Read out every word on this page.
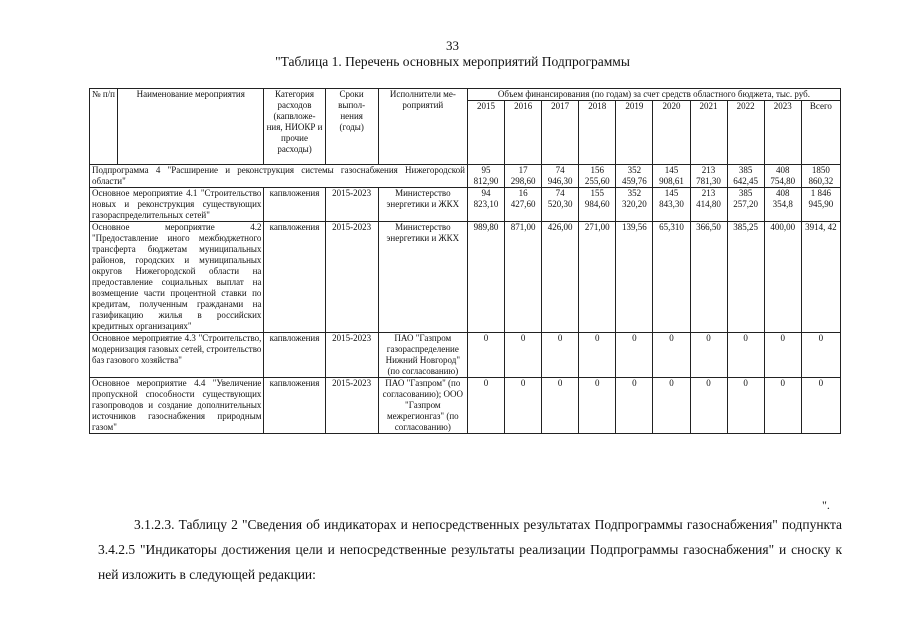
33
"Таблица 1. Перечень основных мероприятий Подпрограммы
№ п/п	Наименование мероприятия	Категория расходов (капвложе-ния, НИОКР и прочие расходы)	Сроки выпол-нения (годы)	Исполнители ме-роприятий	Объем финансирования (по годам) за счет средств областного бюджета, тыс. руб.									
					2015	2016	2017	2018	2019	2020	2021	2022	2023	Всего
Подпрограмма 4 "Расширение и реконструкция системы газоснабжения Нижегородской области"					95 812,90	17 298,60	74 946,30	156 255,60	352 459,76	145 908,61	213 781,30	385 642,45	408 754,80	1850 860,32
Основное мероприятие 4.1 "Строительство новых и реконструкция существующих газораспределительных сетей"		капвложения	2015-2023	Министерство энергетики и ЖКХ	94 823,10	16 427,60	74 520,30	155 984,60	352 320,20	145 843,30	213 414,80	385 257,20	408 354,8	1 846 945,90
Основное мероприятие 4.2 "Предоставление иного межбюджетного трансферта бюджетам муниципальных районов, городских и муниципальных округов Нижегородской области на предоставление социальных выплат на возмещение части процентной ставки по кредитам, полученным гражданами на газификацию жилья в российских кредитных организациях"		капвложения	2015-2023	Министерство энергетики и ЖКХ	989,80	871,00	426,00	271,00	139,56	65,310	366,50	385,25	400,00	3914, 42
Основное мероприятие 4.3 "Строительство, модернизация газовых сетей, строительство баз газового хозяйства"		капвложения	2015-2023	ПАО "Газпром газораспределение Нижний Новгород" (по согласованию)	0	0	0	0	0	0	0	0	0	0
Основное мероприятие 4.4 "Увеличение пропускной способности существующих газопроводов и создание дополнительных источников газоснабжения природным газом"		капвложения	2015-2023	ПАО "Газпром" (по согласованию); ООО "Газпром межрегионгаз" (по согласованию)	0	0	0	0	0	0	0	0	0	0
".
3.1.2.3. Таблицу 2 "Сведения об индикаторах и непосредственных результатах Подпрограммы газоснабжения" подпункта 3.4.2.5 "Индикаторы достижения цели и непосредственные результаты реализации Подпрограммы газоснабжения" и сноску к ней изложить в следующей редакции:
